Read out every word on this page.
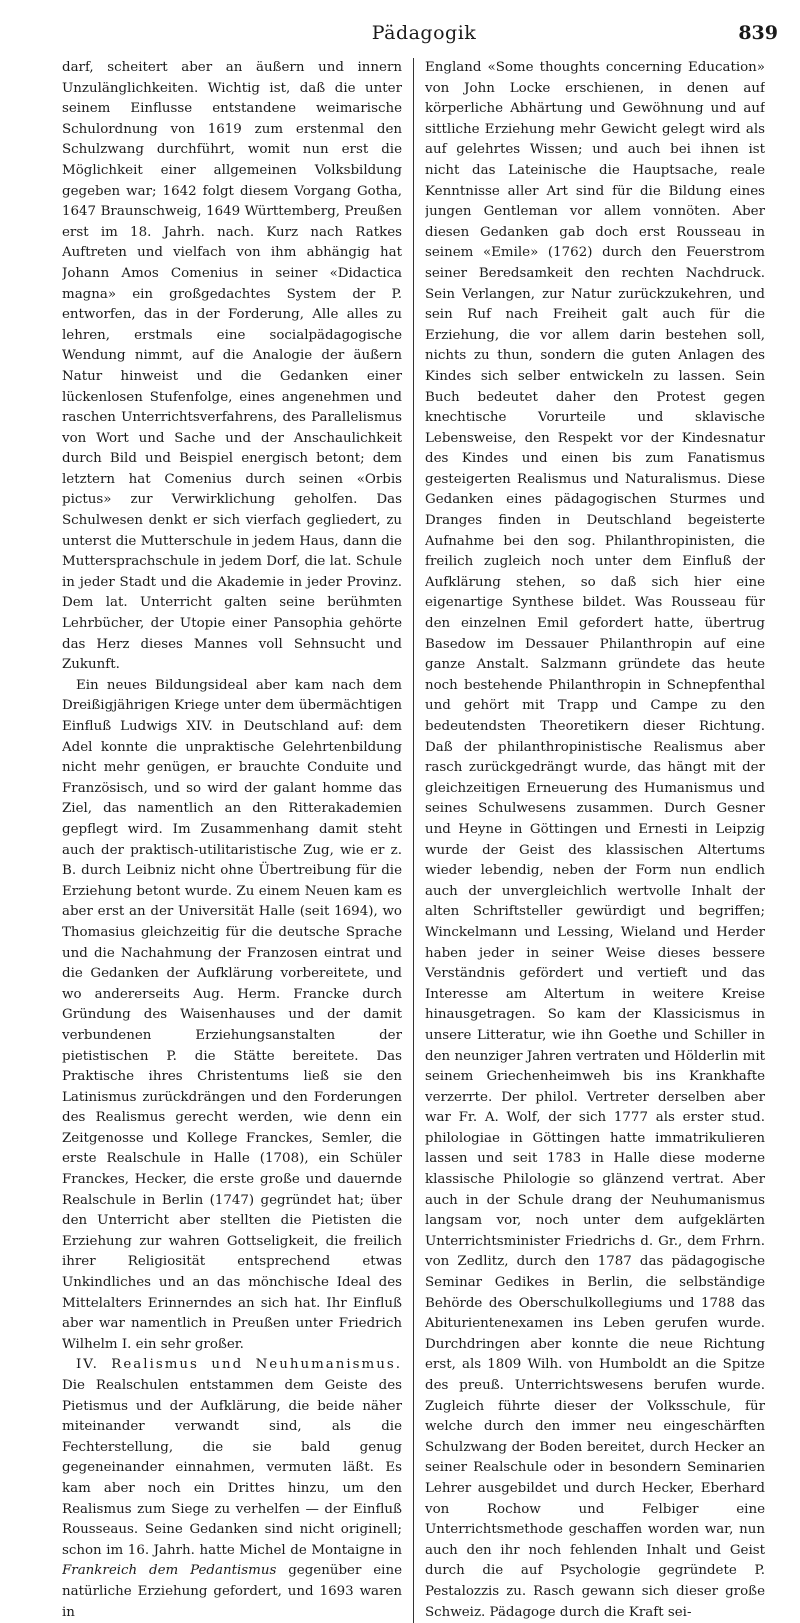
Pädagogik	839

darf, scheitert aber an äußern und innern Unzulänglichkeiten. Wichtig ist, daß die unter seinem Einflusse entstandene weimarische Schulordnung von 1619 zum erstenmal den Schulzwang durchführt, womit nun erst die Möglichkeit einer allgemeinen Volksbildung gegeben war; 1642 folgt diesem Vorgang Gotha, 1647 Braunschweig, 1649 Württemberg, Preußen erst im 18. Jahrh. nach. Kurz nach Ratkes Auftreten und vielfach von ihm abhängig hat Johann Amos Comenius in seiner «Didactica magna» ein großgedachtes System der P. entworfen, das in der Forderung, Alle alles zu lehren, erstmals eine socialpädagogische Wendung nimmt, auf die Analogie der äußern Natur hinweist und die Gedanken einer lückenlosen Stufenfolge, eines angenehmen und raschen Unterrichtsverfahrens, des Parallelismus von Wort und Sache und der Anschaulichkeit durch Bild und Beispiel energisch betont; dem letztern hat Comenius durch seinen «Orbis pictus» zur Verwirklichung geholfen. Das Schulwesen denkt er sich vierfach gegliedert, zu unterst die Mutterschule in jedem Haus, dann die Muttersprachschule in jedem Dorf, die lat. Schule in jeder Stadt und die Akademie in jeder Provinz. Dem lat. Unterricht galten seine berühmten Lehrbücher, der Utopie einer Pansophia gehörte das Herz dieses Mannes voll Sehnsucht und Zukunft.

Ein neues Bildungsideal aber kam nach dem Dreißigjährigen Kriege unter dem übermächtigen Einfluß Ludwigs XIV. in Deutschland auf: dem Adel konnte die unpraktische Gelehrtenbildung nicht mehr genügen, er brauchte Conduite und Französisch, und so wird der galant homme das Ziel, das namentlich an den Ritterakademien gepflegt wird. Im Zusammenhang damit steht auch der praktisch-utilitaristische Zug, wie er z. B. durch Leibniz nicht ohne Übertreibung für die Erziehung betont wurde. Zu einem Neuen kam es aber erst an der Universität Halle (seit 1694), wo Thomasius gleichzeitig für die deutsche Sprache und die Nachahmung der Franzosen eintrat und die Gedanken der Aufklärung vorbereitete, und wo andererseits Aug. Herm. Francke durch Gründung des Waisenhauses und der damit verbundenen Erziehungsanstalten der pietistischen P. die Stätte bereitete. Das Praktische ihres Christentums ließ sie den Latinismus zurückdrängen und den Forderungen des Realismus gerecht werden, wie denn ein Zeitgenosse und Kollege Franckes, Semler, die erste Realschule in Halle (1708), ein Schüler Franckes, Hecker, die erste große und dauernde Realschule in Berlin (1747) gegründet hat; über den Unterricht aber stellten die Pietisten die Erziehung zur wahren Gottseligkeit, die freilich ihrer Religiosität entsprechend etwas Unkindliches und an das mönchische Ideal des Mittelalters Erinnerndes an sich hat. Ihr Einfluß aber war namentlich in Preußen unter Friedrich Wilhelm I. ein sehr großer.

IV. Realismus und Neuhumanismus. Die Realschulen entstammen dem Geiste des Pietismus und der Aufklärung, die beide näher miteinander verwandt sind, als die Fechterstellung, die sie bald genug gegeneinander einnahmen, vermuten läßt. Es kam aber noch ein Drittes hinzu, um den Realismus zum Siege zu verhelfen — der Einfluß Rousseaus. Seine Gedanken sind nicht originell; schon im 16. Jahrh. hatte Michel de Montaigne in Frankreich dem Pedantismus gegenüber eine natürliche Erziehung gefordert, und 1693 waren in

England «Some thoughts concerning Education» von John Locke erschienen, in denen auf körperliche Abhärtung und Gewöhnung und auf sittliche Erziehung mehr Gewicht gelegt wird als auf gelehrtes Wissen; und auch bei ihnen ist nicht das Lateinische die Hauptsache, reale Kenntnisse aller Art sind für die Bildung eines jungen Gentleman vor allem vonnöten. Aber diesen Gedanken gab doch erst Rousseau in seinem «Emile» (1762) durch den Feuerstrom seiner Beredsamkeit den rechten Nachdruck. Sein Verlangen, zur Natur zurückzukehren, und sein Ruf nach Freiheit galt auch für die Erziehung, die vor allem darin bestehen soll, nichts zu thun, sondern die guten Anlagen des Kindes sich selber entwickeln zu lassen. Sein Buch bedeutet daher den Protest gegen knechtische Vorurteile und sklavische Lebensweise, den Respekt vor der Kindesnatur des Kindes und einen bis zum Fanatismus gesteigerten Realismus und Naturalismus. Diese Gedanken eines pädagogischen Sturmes und Dranges finden in Deutschland begeisterte Aufnahme bei den sog. Philanthropinisten, die freilich zugleich noch unter dem Einfluß der Aufklärung stehen, so daß sich hier eine eigenartige Synthese bildet. Was Rousseau für den einzelnen Emil gefordert hatte, übertrug Basedow im Dessauer Philanthropin auf eine ganze Anstalt. Salzmann gründete das heute noch bestehende Philanthropin in Schnepfenthal und gehört mit Trapp und Campe zu den bedeutendsten Theoretikern dieser Richtung. Daß der philanthropinistische Realismus aber rasch zurückgedrängt wurde, das hängt mit der gleichzeitigen Erneuerung des Humanismus und seines Schulwesens zusammen. Durch Gesner und Heyne in Göttingen und Ernesti in Leipzig wurde der Geist des klassischen Altertums wieder lebendig, neben der Form nun endlich auch der unvergleichlich wertvolle Inhalt der alten Schriftsteller gewürdigt und begriffen; Winckelmann und Lessing, Wieland und Herder haben jeder in seiner Weise dieses bessere Verständnis gefördert und vertieft und das Interesse am Altertum in weitere Kreise hinausgetragen. So kam der Klassicismus in unsere Litteratur, wie ihn Goethe und Schiller in den neunziger Jahren vertraten und Hölderlin mit seinem Griechenheimweh bis ins Krankhafte verzerrte. Der philol. Vertreter derselben aber war Fr. A. Wolf, der sich 1777 als erster stud. philologiae in Göttingen hatte immatrikulieren lassen und seit 1783 in Halle diese moderne klassische Philologie so glänzend vertrat. Aber auch in der Schule drang der Neuhumanismus langsam vor, noch unter dem aufgeklärten Unterrichtsminister Friedrichs d. Gr., dem Frhrn. von Zedlitz, durch den 1787 das pädagogische Seminar Gedikes in Berlin, die selbständige Behörde des Oberschulkollegiums und 1788 das Abiturientenexamen ins Leben gerufen wurde. Durchdringen aber konnte die neue Richtung erst, als 1809 Wilh. von Humboldt an die Spitze des preuß. Unterrichtswesens berufen wurde. Zugleich führte dieser der Volksschule, für welche durch den immer neu eingeschärften Schulzwang der Boden bereitet, durch Hecker an seiner Realschule oder in besondern Seminarien Lehrer ausgebildet und durch Hecker, Eberhard von Rochow und Felbiger eine Unterrichtsmethode geschaffen worden war, nun auch den ihr noch fehlenden Inhalt und Geist durch die auf Psychologie gegründete P. Pestalozzis zu. Rasch gewann sich dieser große Schweiz. Pädagoge durch die Kraft sei-
